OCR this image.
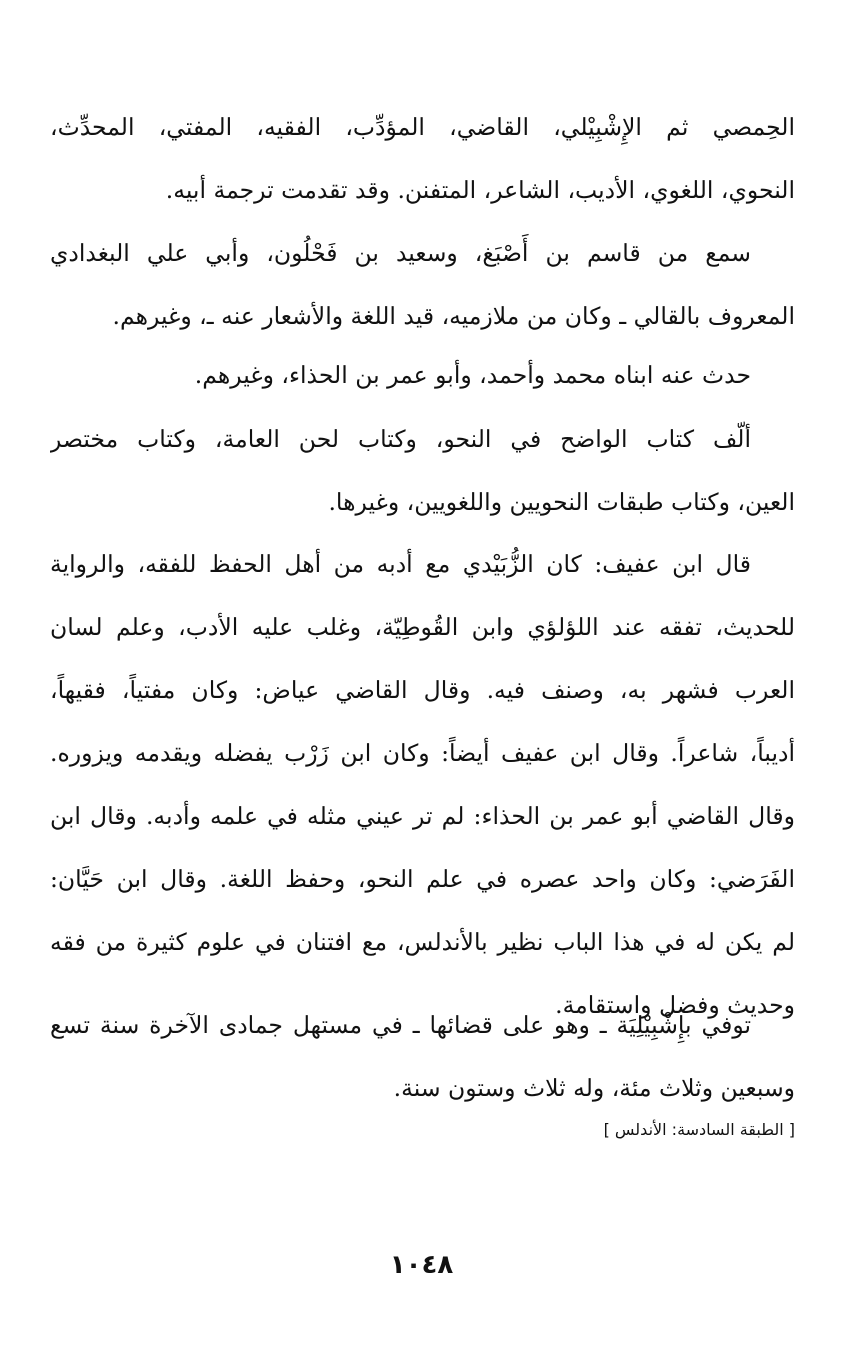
الحِمصي ثم الإِشْبِيْلي، القاضي، المؤدِّب، الفقيه، المفتي، المحدِّث،
النحوي، اللغوي، الأديب، الشاعر، المتفنن. وقد تقدمت ترجمة أبيه.
سمع من قاسم بن أَصْبَغ، وسعيد بن فَحْلُون، وأبي علي البغدادي
المعروف بالقالي ـ وكان من ملازميه، قيد اللغة والأشعار عنه ـ، وغيرهم.
حدث عنه ابناه محمد وأحمد، وأبو عمر بن الحذاء، وغيرهم.
ألّف كتاب الواضح في النحو، وكتاب لحن العامة، وكتاب مختصر
العين، وكتاب طبقات النحويين واللغويين، وغيرها.
قال ابن عفيف: كان الزُّبَيْدي مع أدبه من أهل الحفظ للفقه، والرواية
للحديث، تفقه عند اللؤلؤي وابن القُوطِيّة، وغلب عليه الأدب، وعلم لسان
العرب فشهر به، وصنف فيه. وقال القاضي عياض: وكان مفتياً، فقيهاً،
أديباً، شاعراً. وقال ابن عفيف أيضاً: وكان ابن زَرْب يفضله ويقدمه ويزوره.
وقال القاضي أبو عمر بن الحذاء: لم تر عيني مثله في علمه وأدبه. وقال ابن
الفَرَضي: وكان واحد عصره في علم النحو، وحفظ اللغة. وقال ابن حَيَّان:
لم يكن له في هذا الباب نظير بالأندلس، مع افتنان في علوم كثيرة من فقه
وحديث وفضل واستقامة.
توفي بإِشْبِيْلِيَة ـ وهو على قضائها ـ في مستهل جمادى الآخرة سنة تسع
وسبعين وثلاث مئة، وله ثلاث وستون سنة.
[ الطبقة السادسة: الأندلس ]
١٠٤٨
